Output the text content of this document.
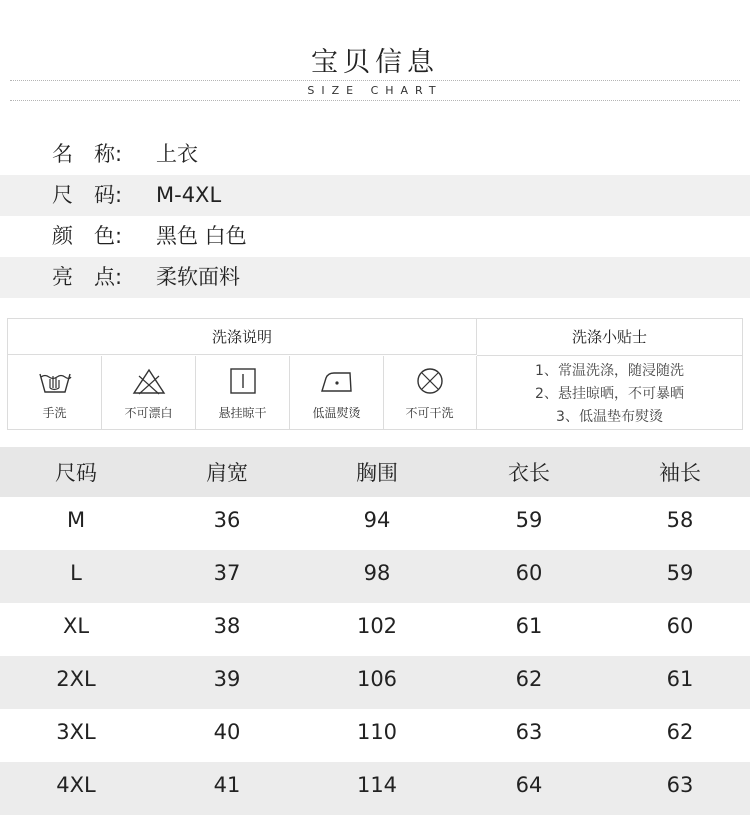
宝贝信息
SIZE CHART
名　称:	上衣
尺　码:	M-4XL
颜　色:	黑色 白色
亮　点:	柔软面料
洗涤说明	洗涤小贴士
手洗	不可漂白	悬挂晾干	低温熨烫	不可干洗
1、常温洗涤，随浸随洗
2、悬挂晾晒，不可暴晒
3、低温垫布熨烫
尺码	肩宽	胸围	衣长	袖长
M	36	94	59	58
L	37	98	60	59
XL	38	102	61	60
2XL	39	106	62	61
3XL	40	110	63	62
4XL	41	114	64	63
